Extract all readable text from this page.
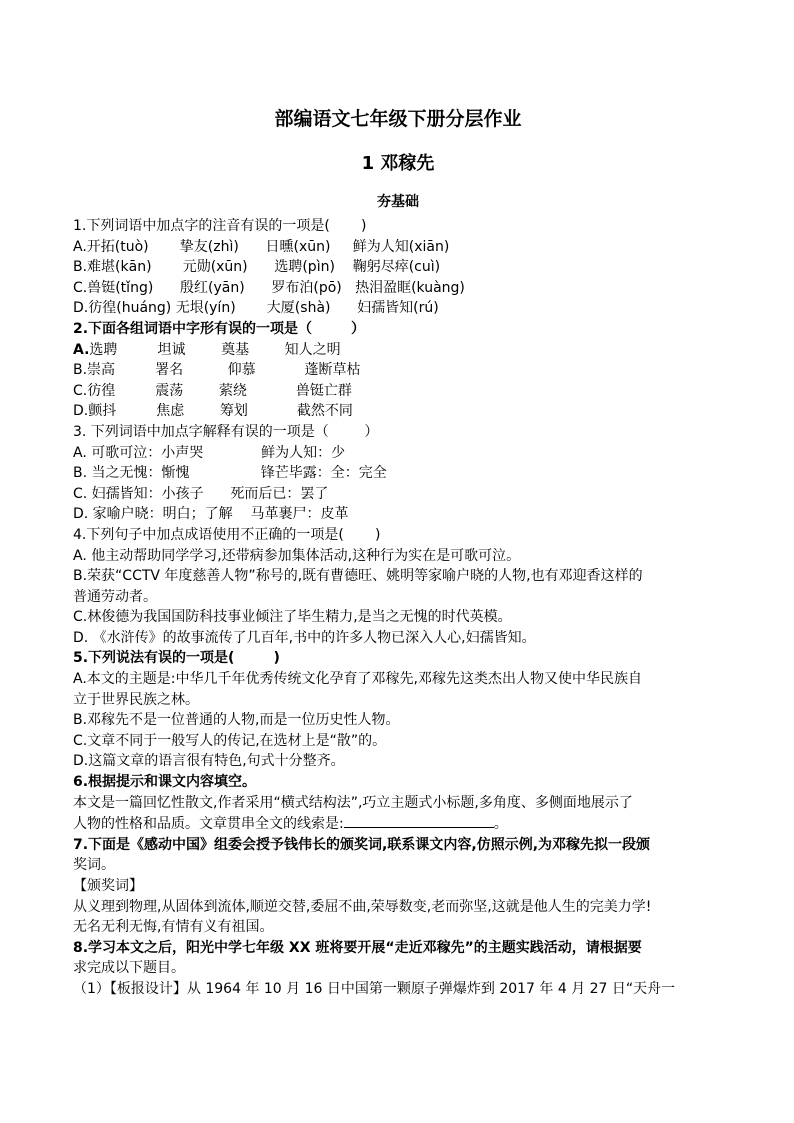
部编语文七年级下册分层作业
1 邓稼先
夯基础
1.下列词语中加点字的注音有误的一项是(       )
A.开拓(tuò)       挚友(zhì)      日曛(xūn)     鲜为人知(xiān)
B.难堪(kān)       元勋(xūn)      选聘(pìn)    鞠躬尽瘁(cuì)
C.兽铤(tǐng)      殷红(yān)      罗布泊(pō)   热泪盈眶(kuàng)
D.彷徨(huáng) 无垠(yín)       大厦(shà)      妇孺皆知(rú)
2.下面各组词语中字形有误的一项是（        ）
A.选聘         坦诚        奠基        知人之明
B.崇高         署名          仰慕           蓬断草枯
C.彷徨         震荡        萦绕           兽铤亡群
D.颤抖         焦虑        筹划           截然不同
3. 下列词语中加点字解释有误的一项是（        ）
A. 可歌可泣：小声哭             鲜为人知：少
B. 当之无愧：惭愧                锋芒毕露：全：完全
C. 妇孺皆知：小孩子      死而后已：罢了
D. 家喻户晓：明白；了解    马革裹尸：皮革
4.下列句子中加点成语使用不正确的一项是(       )
A. 他主动帮助同学学习,还带病参加集体活动,这种行为实在是可歌可泣。
B.荣获“CCTV 年度慈善人物”称号的,既有曹德旺、姚明等家喻户晓的人物,也有邓迎香这样的
普通劳动者。
C.林俊德为我国国防科技事业倾注了毕生精力,是当之无愧的时代英模。
D. 《水浒传》的故事流传了几百年,书中的许多人物已深入人心,妇孺皆知。
5.下列说法有误的一项是(        )
A.本文的主题是:中华几千年优秀传统文化孕育了邓稼先,邓稼先这类杰出人物又使中华民族自
立于世界民族之林。
B.邓稼先不是一位普通的人物,而是一位历史性人物。
C.文章不同于一般写人的传记,在选材上是“散”的。
D.这篇文章的语言很有特色,句式十分整齐。
6.根据提示和课文内容填空。
本文是一篇回忆性散文,作者采用“横式结构法”,巧立主题式小标题,多角度、多侧面地展示了
人物的性格和品质。文章贯串全文的线索是:	。
7.下面是《感动中国》组委会授予钱伟长的颁奖词,联系课文内容,仿照示例,为邓稼先拟一段颁
奖词。
【颁奖词】
从义理到物理,从固体到流体,顺逆交替,委屈不曲,荣辱数变,老而弥坚,这就是他人生的完美力学!
无名无利无悔,有情有义有祖国。
8.学习本文之后，阳光中学七年级 XX 班将要开展“走近邓稼先”的主题实践活动，请根据要
求完成以下题目。
（1）【板报设计】从 1964 年 10 月 16 日中国第一颗原子弹爆炸到 2017 年 4 月 27 日“天舟一
